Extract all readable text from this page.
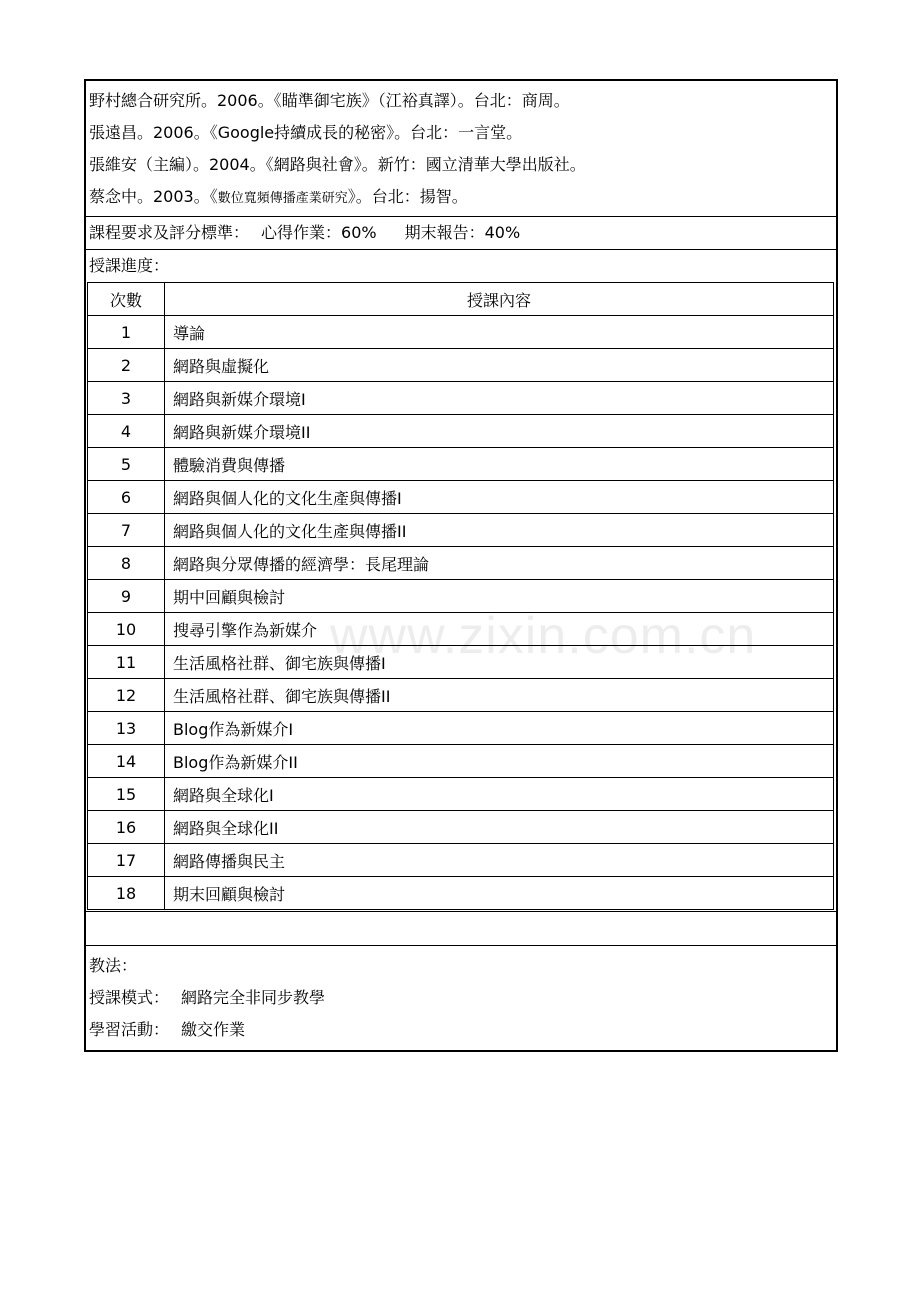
野村總合研究所。2006。《瞄準御宅族》（江裕真譯）。台北：商周。
張遠昌。2006。《Google持續成長的秘密》。台北：一言堂。
張維安（主編）。2004。《網路與社會》。新竹：國立清華大學出版社。
蔡念中。2003。《數位寬頻傳播產業研究》。台北：揚智。
課程要求及評分標準： 心得作業：60% 期末報告：40%
授課進度：
次數	授課內容
1	導論
2	網路與虛擬化
3	網路與新媒介環境I
4	網路與新媒介環境II
5	體驗消費與傳播
6	網路與個人化的文化生產與傳播I
7	網路與個人化的文化生產與傳播II
8	網路與分眾傳播的經濟學：長尾理論
9	期中回顧與檢討
10	搜尋引擎作為新媒介
11	生活風格社群、御宅族與傳播I
12	生活風格社群、御宅族與傳播II
13	Blog作為新媒介I
14	Blog作為新媒介II
15	網路與全球化I
16	網路與全球化II
17	網路傳播與民主
18	期末回顧與檢討
教法：
授課模式： 網路完全非同步教學
學習活動： 繳交作業
www.zixin.com.cn
